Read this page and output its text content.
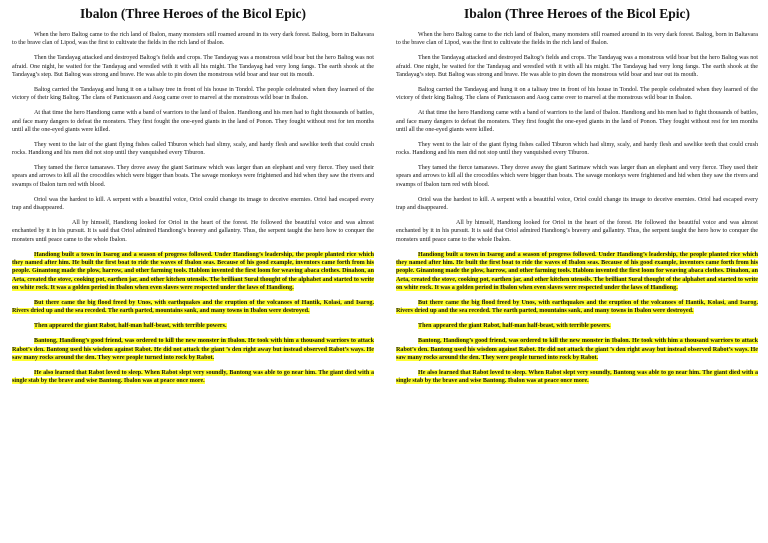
Ibalon (Three Heroes of the Bicol Epic)
When the hero Baltog came to the rich land of Ibalon, many monsters still roamed around in its very dark forest. Baltog, born in Baltavara to the brave clan of Lipod, was the first to cultivate the fields in the rich land of Ibalon.
Then the Tandayag attacked and destroyed Baltog’s fields and crops. The Tandayag was a monstrous wild boar but the hero Baltog was not afraid. One night, he waited for the Tandayag and wrestled with it with all his might. The Tandayag had very long fangs. The earth shook at the Tandayag’s step. But Baltog was strong and brave. He was able to pin down the monstrous wild boar and tear out its mouth.
Baltog carried the Tandayag and hung it on a talisay tree in front of his house in Tondol. The people celebrated when they learned of the victory of their king Baltog. The clans of Panicuason and Asog came over to marvel at the monstrous wild boar in Ibalon.
At that time the hero Handiong came with a band of warriors to the land of Ibalon. Handiong and his men had to fight thousands of battles, and face many dangers to defeat the monsters. They first fought the one-eyed giants in the land of Ponon. They fought without rest for ten months until all the one-eyed giants were killed.
They went to the lair of the giant flying fishes called Tiburon which had slimy, scaly, and hardy flesh and sawlike teeth that could crush rocks. Handiong and his men did not stop until they vanquished every Tiburon.
They tamed the fierce tamaraws. They drove away the giant Sarimaw which was larger than an elephant and very fierce. They used their spears and arrows to kill all the crocodiles which were bigger than boats. The savage monkeys were frightened and hid when they saw the rivers and swamps of Ibalon turn red with blood.
Oriol was the hardest to kill. A serpent with a beautiful voice, Oriol could change its image to deceive enemies. Oriol had escaped every trap and disappeared.
All by himself, Handiong looked for Oriol in the heart of the forest. He followed the beautiful voice and was almost enchanted by it in his pursuit. It is said that Oriol admired Handiong’s bravery and gallantry. Thus, the serpent taught the hero how to conquer the monsters until peace came to the whole Ibalon.
Handiong built a town in Isarog and a season of progress followed. Under Handiong’s leadership, the people planted rice which they named after him. He built the first boat to ride the waves of Ibalon seas. Because of his good example, inventors came forth from his people. Ginantong made the plow, harrow, and other farming tools. Hablom invented the first loom for weaving abaca clothes. Dinahon, an Aeta, created the stove, cooking pot, earthen jar, and other kitchen utensils. The brilliant Sural thought of the alphabet and started to write on white rock. It was a golden period in Ibalon when even slaves were respected under the laws of Handiong.
But there came the big flood freed by Unos, with earthquakes and the eruption of the volcanoes of Hantik, Kolasi, and Isarog. Rivers dried up and the sea receded. The earth parted, mountains sank, and many towns in Ibalon were destroyed.
Then appeared the giant Rabot, half-man half-beast, with terrible powers.
Bantong, Handiong’s good friend, was ordered to kill the new monster in Ibalon. He took with him a thousand warriors to attack Rabot’s den. Bantong used his wisdom against Rabot. He did not attack the giant ’s den right away but instead observed Rabot’s ways. He saw many rocks around the den. They were people turned into rock by Rabot.
He also learned that Rabot loved to sleep. When Rabot slept very soundly, Bantong was able to go near him. The giant died with a single stab by the brave and wise Bantong. Ibalon was at peace once more.
Ibalon (Three Heroes of the Bicol Epic)
When the hero Baltog came to the rich land of Ibalon, many monsters still roamed around in its very dark forest. Baltog, born in Baltavara to the brave clan of Lipod, was the first to cultivate the fields in the rich land of Ibalon.
Then the Tandayag attacked and destroyed Baltog’s fields and crops. The Tandayag was a monstrous wild boar but the hero Baltog was not afraid. One night, he waited for the Tandayag and wrestled with it with all his might. The Tandayag had very long fangs. The earth shook at the Tandayag’s step. But Baltog was strong and brave. He was able to pin down the monstrous wild boar and tear out its mouth.
Baltog carried the Tandayag and hung it on a talisay tree in front of his house in Tondol. The people celebrated when they learned of the victory of their king Baltog. The clans of Panicuason and Asog came over to marvel at the monstrous wild boar in Ibalon.
At that time the hero Handiong came with a band of warriors to the land of Ibalon. Handiong and his men had to fight thousands of battles, and face many dangers to defeat the monsters. They first fought the one-eyed giants in the land of Ponon. They fought without rest for ten months until all the one-eyed giants were killed.
They went to the lair of the giant flying fishes called Tiburon which had slimy, scaly, and hardy flesh and sawlike teeth that could crush rocks. Handiong and his men did not stop until they vanquished every Tiburon.
They tamed the fierce tamaraws. They drove away the giant Sarimaw which was larger than an elephant and very fierce. They used their spears and arrows to kill all the crocodiles which were bigger than boats. The savage monkeys were frightened and hid when they saw the rivers and swamps of Ibalon turn red with blood.
Oriol was the hardest to kill. A serpent with a beautiful voice, Oriol could change its image to deceive enemies. Oriol had escaped every trap and disappeared.
All by himself, Handiong looked for Oriol in the heart of the forest. He followed the beautiful voice and was almost enchanted by it in his pursuit. It is said that Oriol admired Handiong’s bravery and gallantry. Thus, the serpent taught the hero how to conquer the monsters until peace came to the whole Ibalon.
Handiong built a town in Isarog and a season of progress followed. Under Handiong’s leadership, the people planted rice which they named after him. He built the first boat to ride the waves of Ibalon seas. Because of his good example, inventors came forth from his people. Ginantong made the plow, harrow, and other farming tools. Hablom invented the first loom for weaving abaca clothes. Dinahon, an Aeta, created the stove, cooking pot, earthen jar, and other kitchen utensils. The brilliant Sural thought of the alphabet and started to write on white rock. It was a golden period in Ibalon when even slaves were respected under the laws of Handiong.
But there came the big flood freed by Unos, with earthquakes and the eruption of the volcanoes of Hantik, Kolasi, and Isarog. Rivers dried up and the sea receded. The earth parted, mountains sank, and many towns in Ibalon were destroyed.
Then appeared the giant Rabot, half-man half-beast, with terrible powers.
Bantong, Handiong’s good friend, was ordered to kill the new monster in Ibalon. He took with him a thousand warriors to attack Rabot’s den. Bantong used his wisdom against Rabot. He did not attack the giant ’s den right away but instead observed Rabot’s ways. He saw many rocks around the den. They were people turned into rock by Rabot.
He also learned that Rabot loved to sleep. When Rabot slept very soundly, Bantong was able to go near him. The giant died with a single stab by the brave and wise Bantong. Ibalon was at peace once more.
